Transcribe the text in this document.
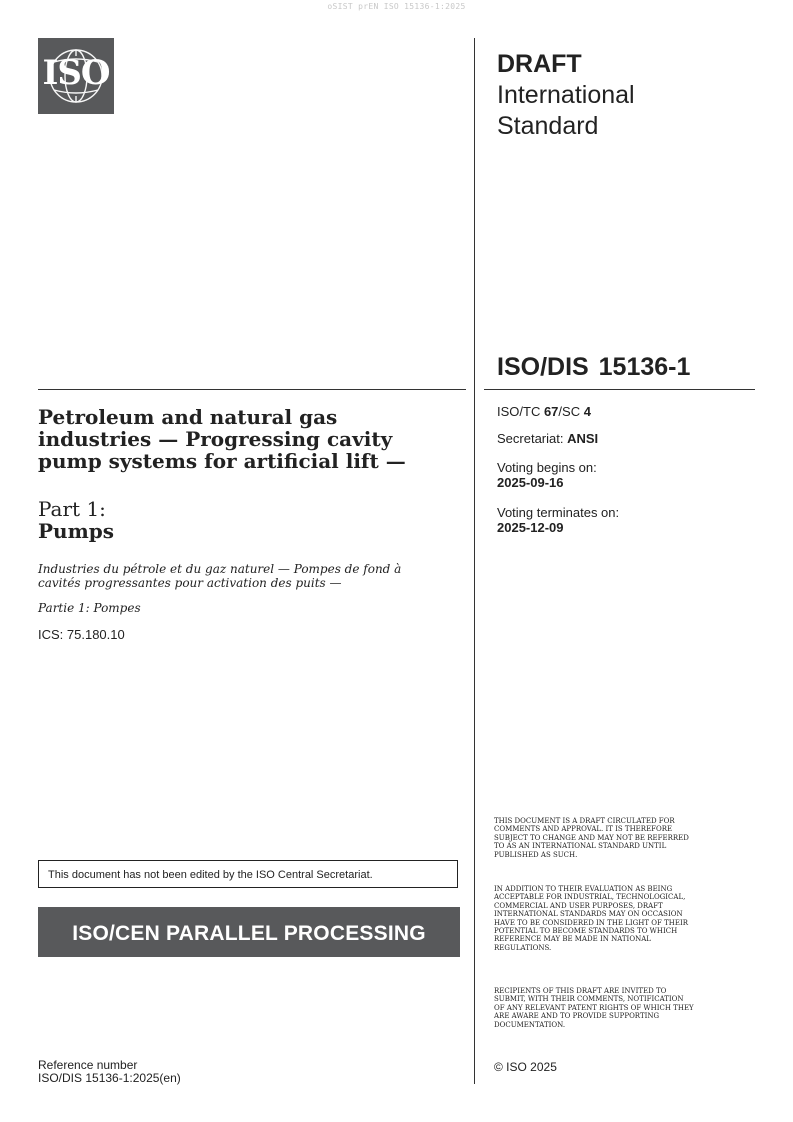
oSIST prEN ISO 15136-1:2025
ISO	DRAFT
International
Standard
ISO/DIS 15136-1
ISO/TC 67/SC 4
Secretariat: ANSI
Voting begins on:
2025-09-16
Voting terminates on:
2025-12-09
Petroleum and natural gas
industries — Progressing cavity
pump systems for artificial lift —
Part 1:
Pumps
Industries du pétrole et du gaz naturel — Pompes de fond à
cavités progressantes pour activation des puits —
Partie 1: Pompes
ICS: 75.180.10
This document has not been edited by the ISO Central Secretariat.
ISO/CEN PARALLEL PROCESSING
Reference number
ISO/DIS 15136-1:2025(en)
THIS DOCUMENT IS A DRAFT CIRCULATED FOR COMMENTS AND APPROVAL. IT IS THEREFORE SUBJECT TO CHANGE AND MAY NOT BE REFERRED TO AS AN INTERNATIONAL STANDARD UNTIL PUBLISHED AS SUCH.
IN ADDITION TO THEIR EVALUATION AS BEING ACCEPTABLE FOR INDUSTRIAL, TECHNOLOGICAL, COMMERCIAL AND USER PURPOSES, DRAFT INTERNATIONAL STANDARDS MAY ON OCCASION HAVE TO BE CONSIDERED IN THE LIGHT OF THEIR POTENTIAL TO BECOME STANDARDS TO WHICH REFERENCE MAY BE MADE IN NATIONAL REGULATIONS.
RECIPIENTS OF THIS DRAFT ARE INVITED TO SUBMIT, WITH THEIR COMMENTS, NOTIFICATION OF ANY RELEVANT PATENT RIGHTS OF WHICH THEY ARE AWARE AND TO PROVIDE SUPPORTING DOCUMENTATION.
© ISO 2025
